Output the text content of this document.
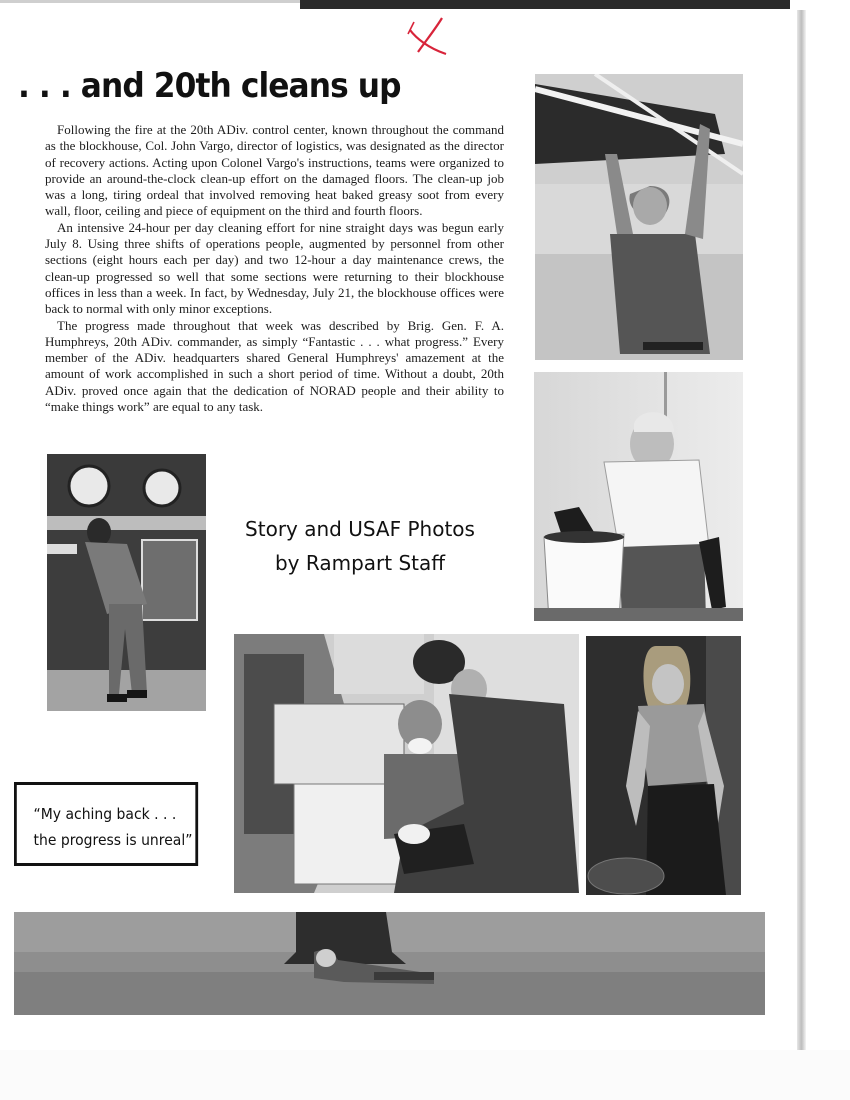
. . . and 20th cleans up

Following the fire at the 20th ADiv. control center, known throughout the command as the blockhouse, Col. John Vargo, director of logistics, was designated as the director of recovery actions. Acting upon Colonel Vargo's instructions, teams were organized to provide an around-the-clock clean-up effort on the damaged floors. The clean-up job was a long, tiring ordeal that involved removing heat baked greasy soot from every wall, floor, ceiling and piece of equipment on the third and fourth floors.

An intensive 24-hour per day cleaning effort for nine straight days was begun early July 8. Using three shifts of operations people, augmented by personnel from other sections (eight hours each per day) and two 12-hour a day maintenance crews, the clean-up progressed so well that some sections were returning to their blockhouse offices in less than a week. In fact, by Wednesday, July 21, the blockhouse offices were back to normal with only minor exceptions.

The progress made throughout that week was described by Brig. Gen. F. A. Humphreys, 20th ADiv. commander, as simply “Fantastic . . . what progress.” Every member of the ADiv. headquarters shared General Humphreys' amazement at the amount of work accomplished in such a short period of time. Without a doubt, 20th ADiv. proved once again that the dedication of NORAD people and their ability to “make things work” are equal to any task.

Story and USAF Photos
by Rampart Staff
“My aching back . . .
the progress is unreal”
